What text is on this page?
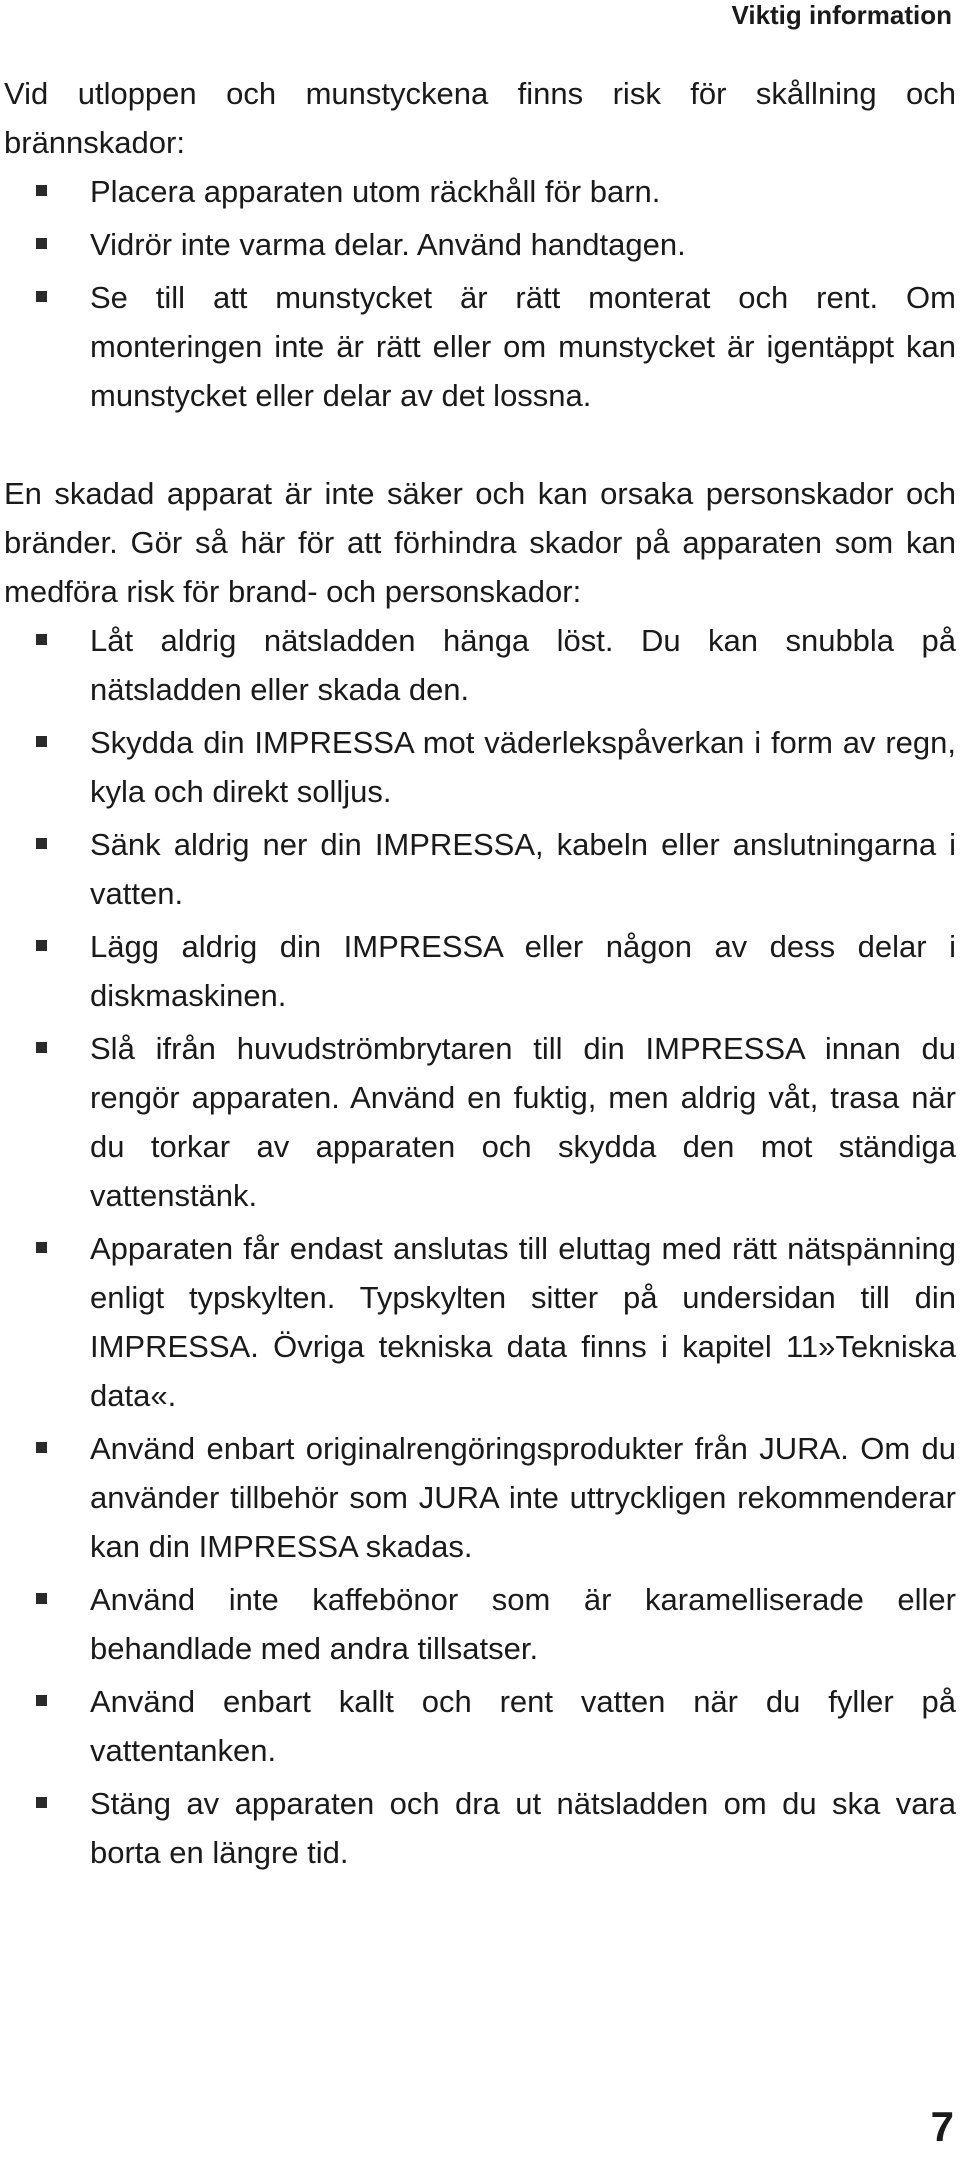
Viktig information

Vid utloppen och munstyckena finns risk för skållning och brännskador:

Placera apparaten utom räckhåll för barn.
Vidrör inte varma delar. Använd handtagen.
Se till att munstycket är rätt monterat och rent. Om monteringen inte är rätt eller om munstycket är igentäppt kan munstycket eller delar av det lossna.

En skadad apparat är inte säker och kan orsaka personskador och bränder. Gör så här för att förhindra skador på apparaten som kan medföra risk för brand- och personskador:

Låt aldrig nätsladden hänga löst. Du kan snubbla på nätsladden eller skada den.
Skydda din IMPRESSA mot väderlekspåverkan i form av regn, kyla och direkt solljus.
Sänk aldrig ner din IMPRESSA, kabeln eller anslutningarna i vatten.
Lägg aldrig din IMPRESSA eller någon av dess delar i diskmaskinen.
Slå ifrån huvudströmbrytaren till din IMPRESSA innan du rengör apparaten. Använd en fuktig, men aldrig våt, trasa när du torkar av apparaten och skydda den mot ständiga vattenstänk.
Apparaten får endast anslutas till eluttag med rätt nätspänning enligt typskylten. Typskylten sitter på undersidan till din IMPRESSA. Övriga tekniska data finns i kapitel 11»Tekniska data«.
Använd enbart originalrengöringsprodukter från JURA. Om du använder tillbehör som JURA inte uttryckligen rekommenderar kan din IMPRESSA skadas.
Använd inte kaffebönor som är karamelliserade eller behandlade med andra tillsatser.
Använd enbart kallt och rent vatten när du fyller på vattentanken.
Stäng av apparaten och dra ut nätsladden om du ska vara borta en längre tid.
7
